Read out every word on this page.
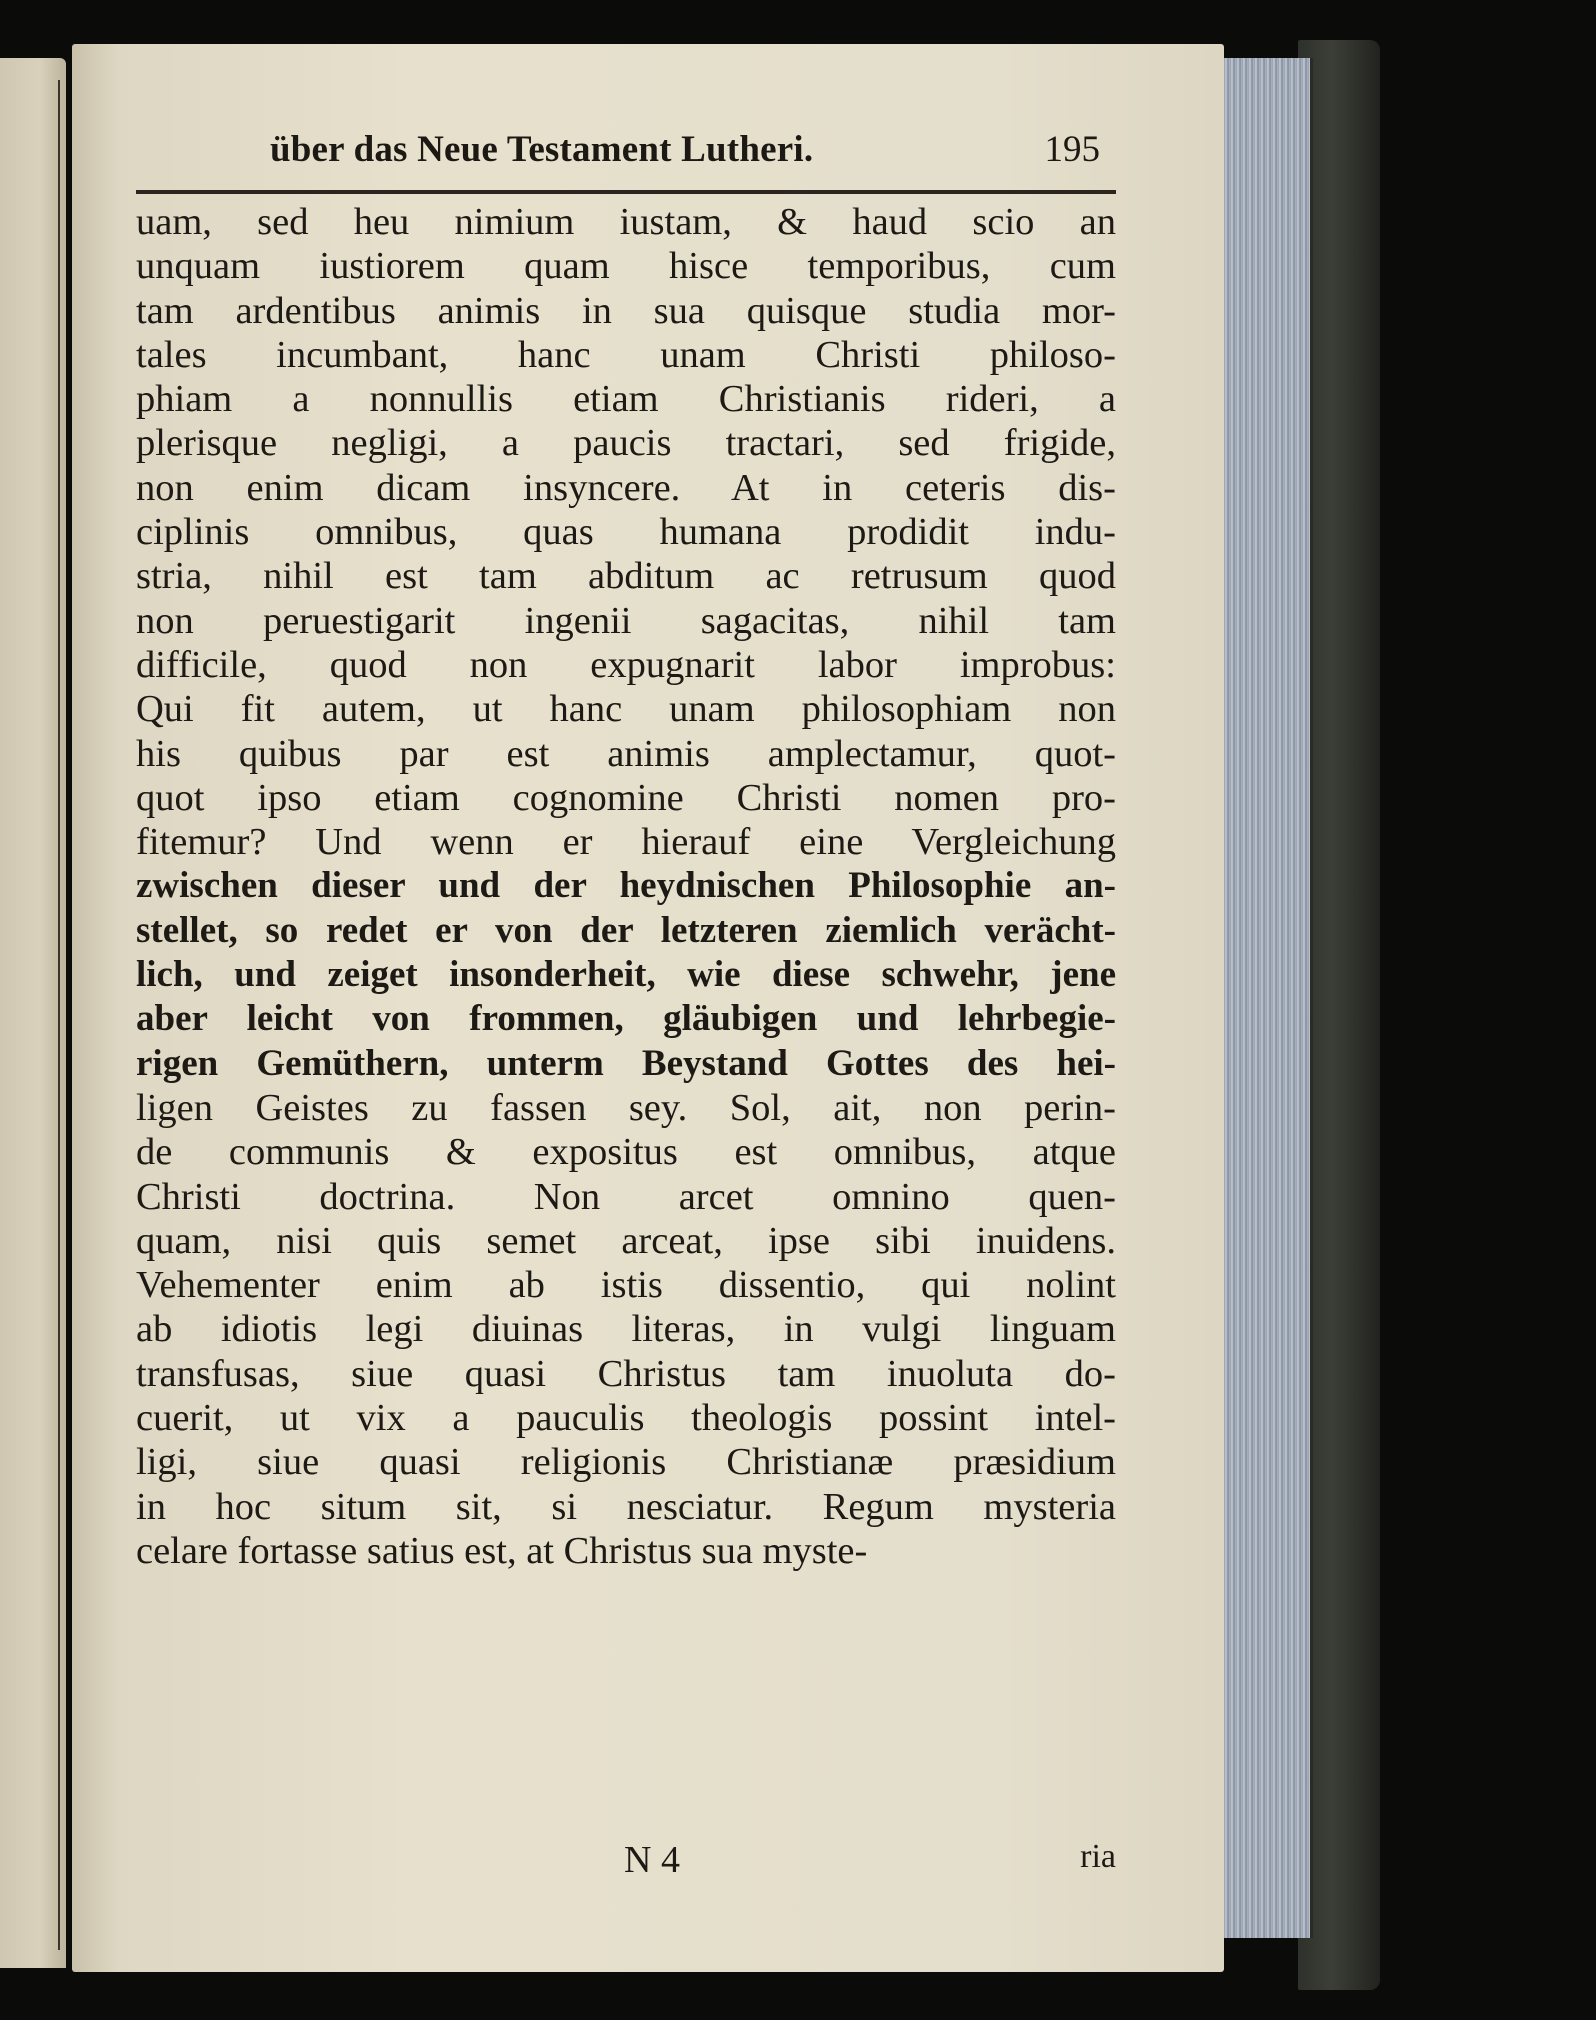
über das Neue Testament Lutheri.	195
uam, sed heu nimium iustam, & haud scio an
unquam iustiorem quam hisce temporibus, cum
tam ardentibus animis in sua quisque studia mor-
tales incumbant, hanc unam Christi philoso-
phiam a nonnullis etiam Christianis rideri, a
plerisque negligi, a paucis tractari, sed frigide,
non enim dicam insyncere. At in ceteris dis-
ciplinis omnibus, quas humana prodidit indu-
stria, nihil est tam abditum ac retrusum quod
non peruestigarit ingenii sagacitas, nihil tam
difficile, quod non expugnarit labor improbus:
Qui fit autem, ut hanc unam philosophiam non
his quibus par est animis amplectamur, quot-
quot ipso etiam cognomine Christi nomen pro-
fitemur? Und wenn er hierauf eine Vergleichung
zwischen dieser und der heydnischen Philosophie an-
stellet, so redet er von der letzteren ziemlich verächt-
lich, und zeiget insonderheit, wie diese schwehr, jene
aber leicht von frommen, gläubigen und lehrbegie-
rigen Gemüthern, unterm Beystand Gottes des hei-
ligen Geistes zu fassen sey. Sol, ait, non perin-
de communis & expositus est omnibus, atque
Christi doctrina. Non arcet omnino quen-
quam, nisi quis semet arceat, ipse sibi inuidens.
Vehementer enim ab istis dissentio, qui nolint
ab idiotis legi diuinas literas, in vulgi linguam
transfusas, siue quasi Christus tam inuoluta do-
cuerit, ut vix a pauculis theologis possint intel-
ligi, siue quasi religionis Christianæ præsidium
in hoc situm sit, si nesciatur. Regum mysteria
celare fortasse satius est, at Christus sua myste-
N 4	ria
